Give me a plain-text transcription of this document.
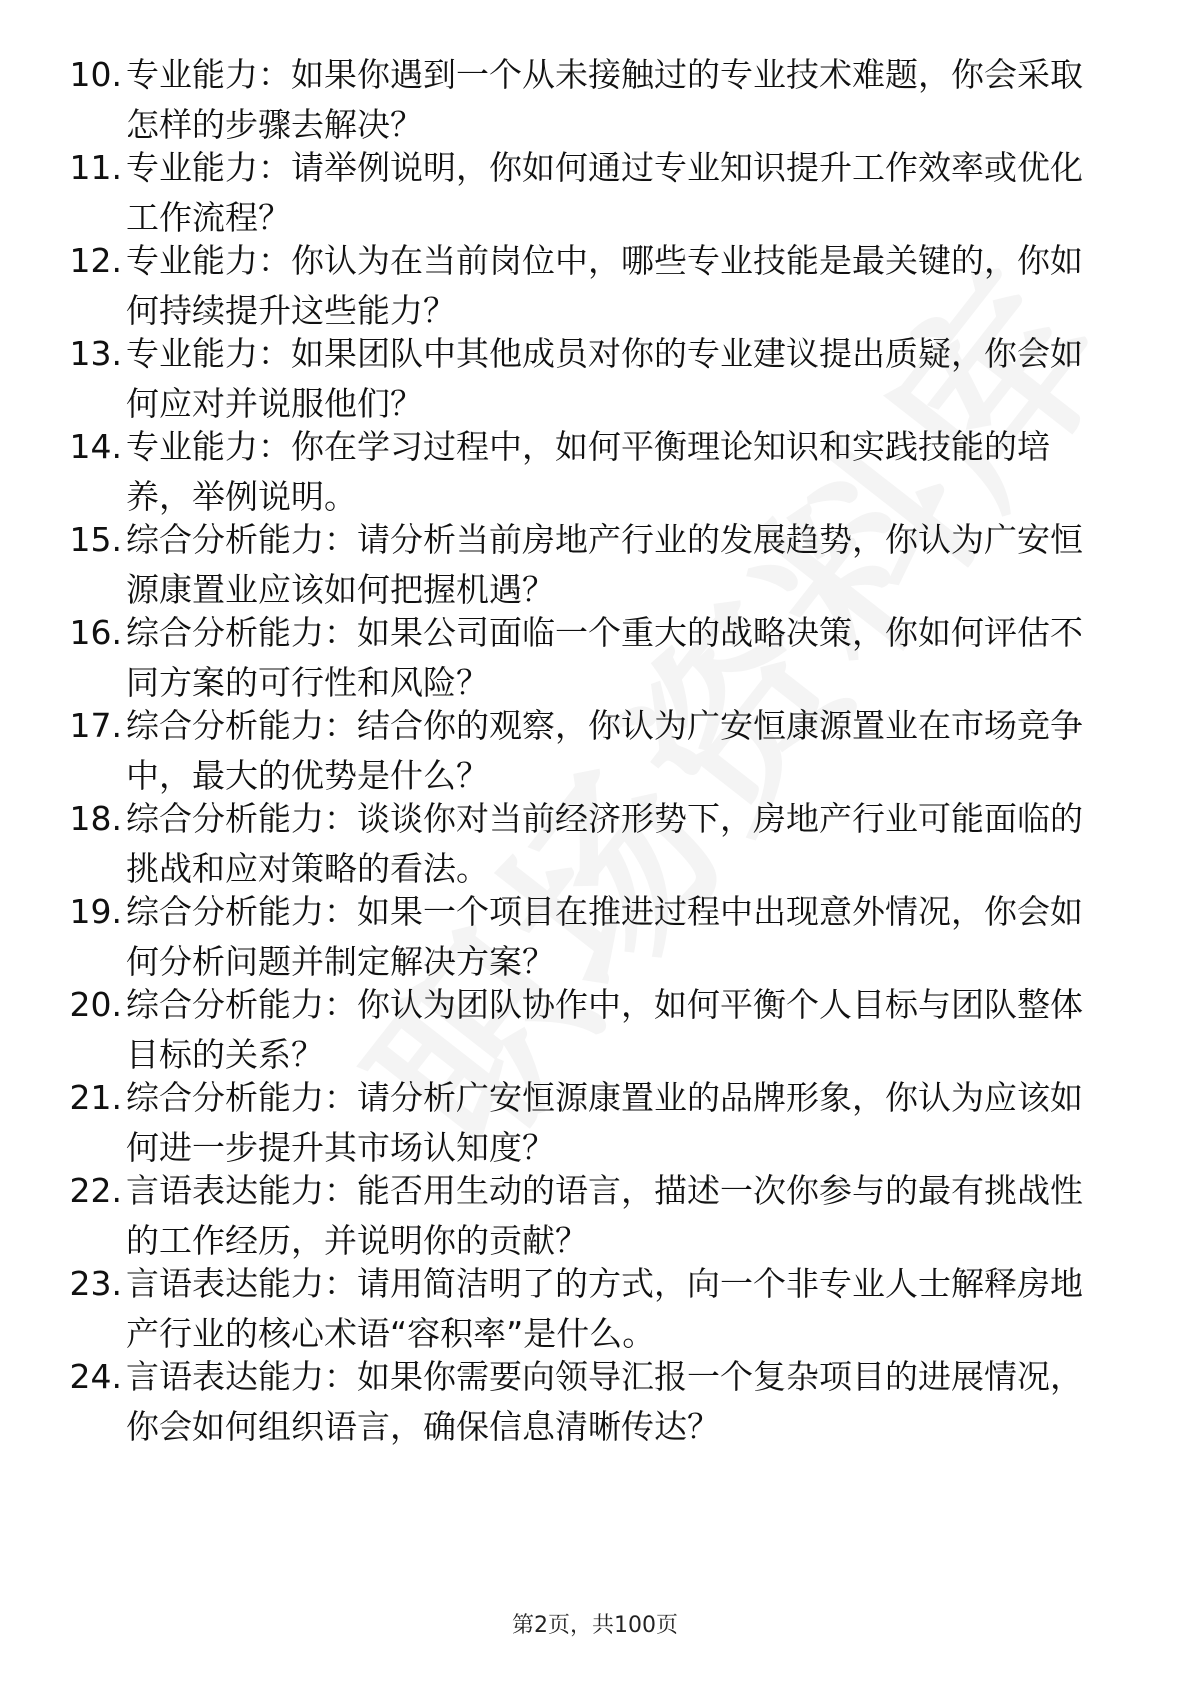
10. 专业能力：如果你遇到一个从未接触过的专业技术难题，你会采取怎样的步骤去解决？
11. 专业能力：请举例说明，你如何通过专业知识提升工作效率或优化工作流程？
12. 专业能力：你认为在当前岗位中，哪些专业技能是最关键的，你如何持续提升这些能力？
13. 专业能力：如果团队中其他成员对你的专业建议提出质疑，你会如何应对并说服他们？
14. 专业能力：你在学习过程中，如何平衡理论知识和实践技能的培养，举例说明。
15. 综合分析能力：请分析当前房地产行业的发展趋势，你认为广安恒源康置业应该如何把握机遇？
16. 综合分析能力：如果公司面临一个重大的战略决策，你如何评估不同方案的可行性和风险？
17. 综合分析能力：结合你的观察，你认为广安恒康源置业在市场竞争中，最大的优势是什么？
18. 综合分析能力：谈谈你对当前经济形势下，房地产行业可能面临的挑战和应对策略的看法。
19. 综合分析能力：如果一个项目在推进过程中出现意外情况，你会如何分析问题并制定解决方案？
20. 综合分析能力：你认为团队协作中，如何平衡个人目标与团队整体目标的关系？
21. 综合分析能力：请分析广安恒源康置业的品牌形象，你认为应该如何进一步提升其市场认知度？
22. 言语表达能力：能否用生动的语言，描述一次你参与的最有挑战性的工作经历，并说明你的贡献？
23. 言语表达能力：请用简洁明了的方式，向一个非专业人士解释房地产行业的核心术语“容积率”是什么。
24. 言语表达能力：如果你需要向领导汇报一个复杂项目的进展情况，你会如何组织语言，确保信息清晰传达？
第2页，共100页
